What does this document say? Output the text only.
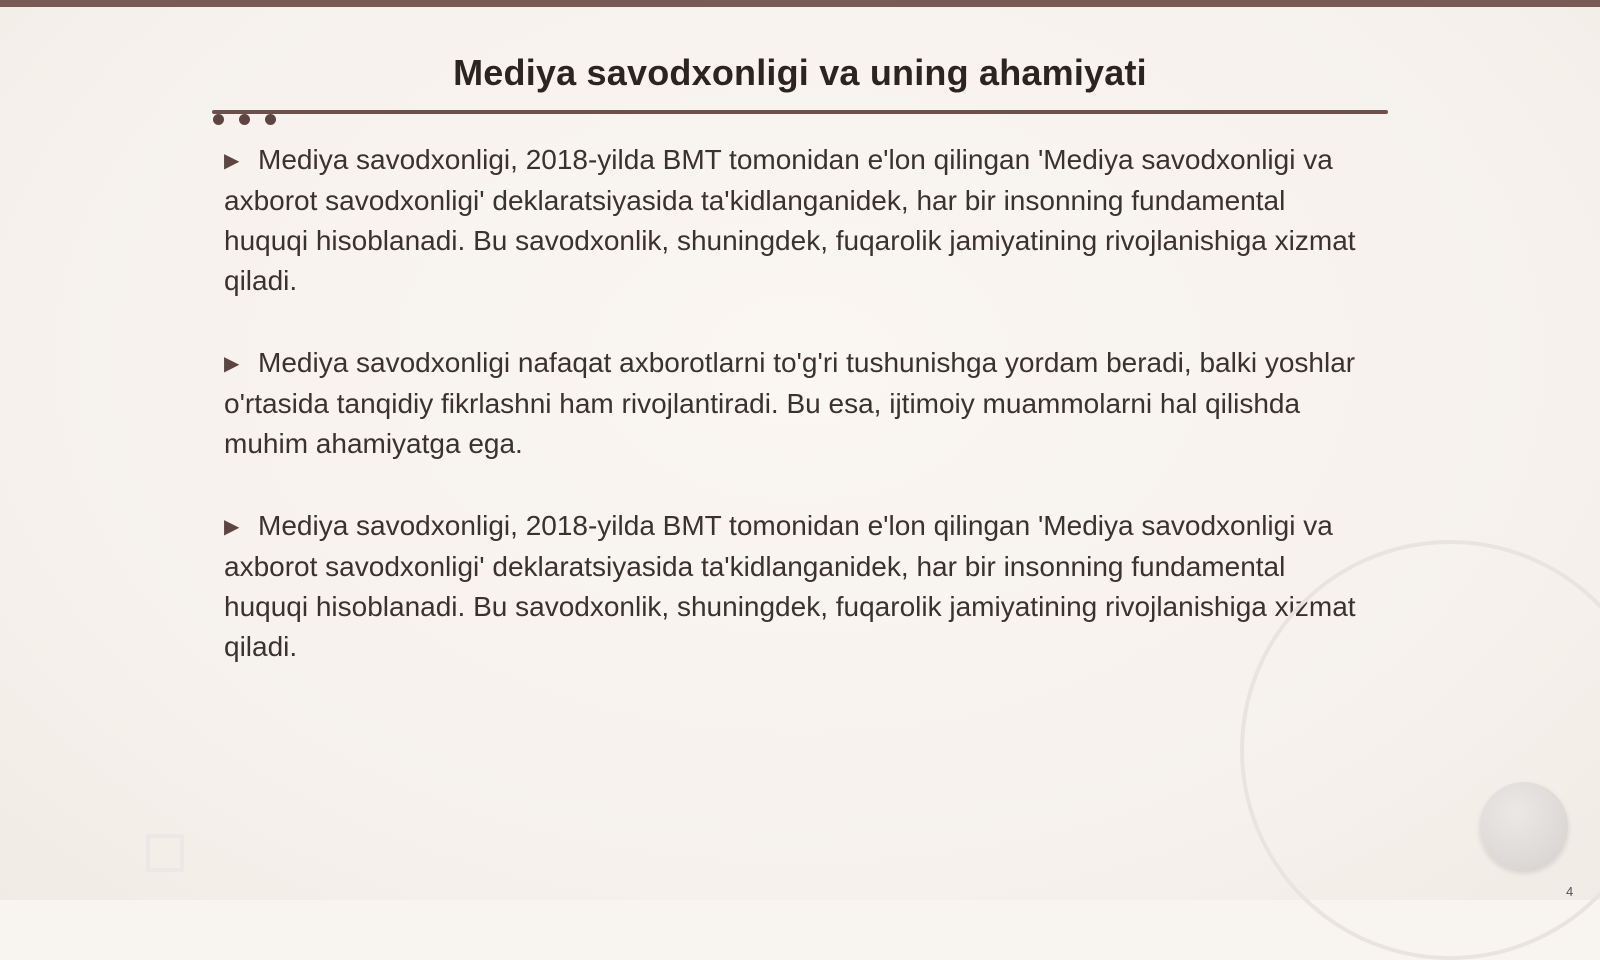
Mediya savodxonligi va uning ahamiyati

▶ Mediya savodxonligi, 2018-yilda BMT tomonidan e'lon qilingan 'Mediya savodxonligi va axborot savodxonligi' deklaratsiyasida ta'kidlanganidek, har bir insonning fundamental huquqi hisoblanadi. Bu savodxonlik, shuningdek, fuqarolik jamiyatining rivojlanishiga xizmat qiladi.

▶ Mediya savodxonligi nafaqat axborotlarni to'g'ri tushunishga yordam beradi, balki yoshlar o'rtasida tanqidiy fikrlashni ham rivojlantiradi. Bu esa, ijtimoiy muammolarni hal qilishda muhim ahamiyatga ega.

▶ Mediya savodxonligi, 2018-yilda BMT tomonidan e'lon qilingan 'Mediya savodxonligi va axborot savodxonligi' deklaratsiyasida ta'kidlanganidek, har bir insonning fundamental huquqi hisoblanadi. Bu savodxonlik, shuningdek, fuqarolik jamiyatining rivojlanishiga xizmat qiladi.

4
